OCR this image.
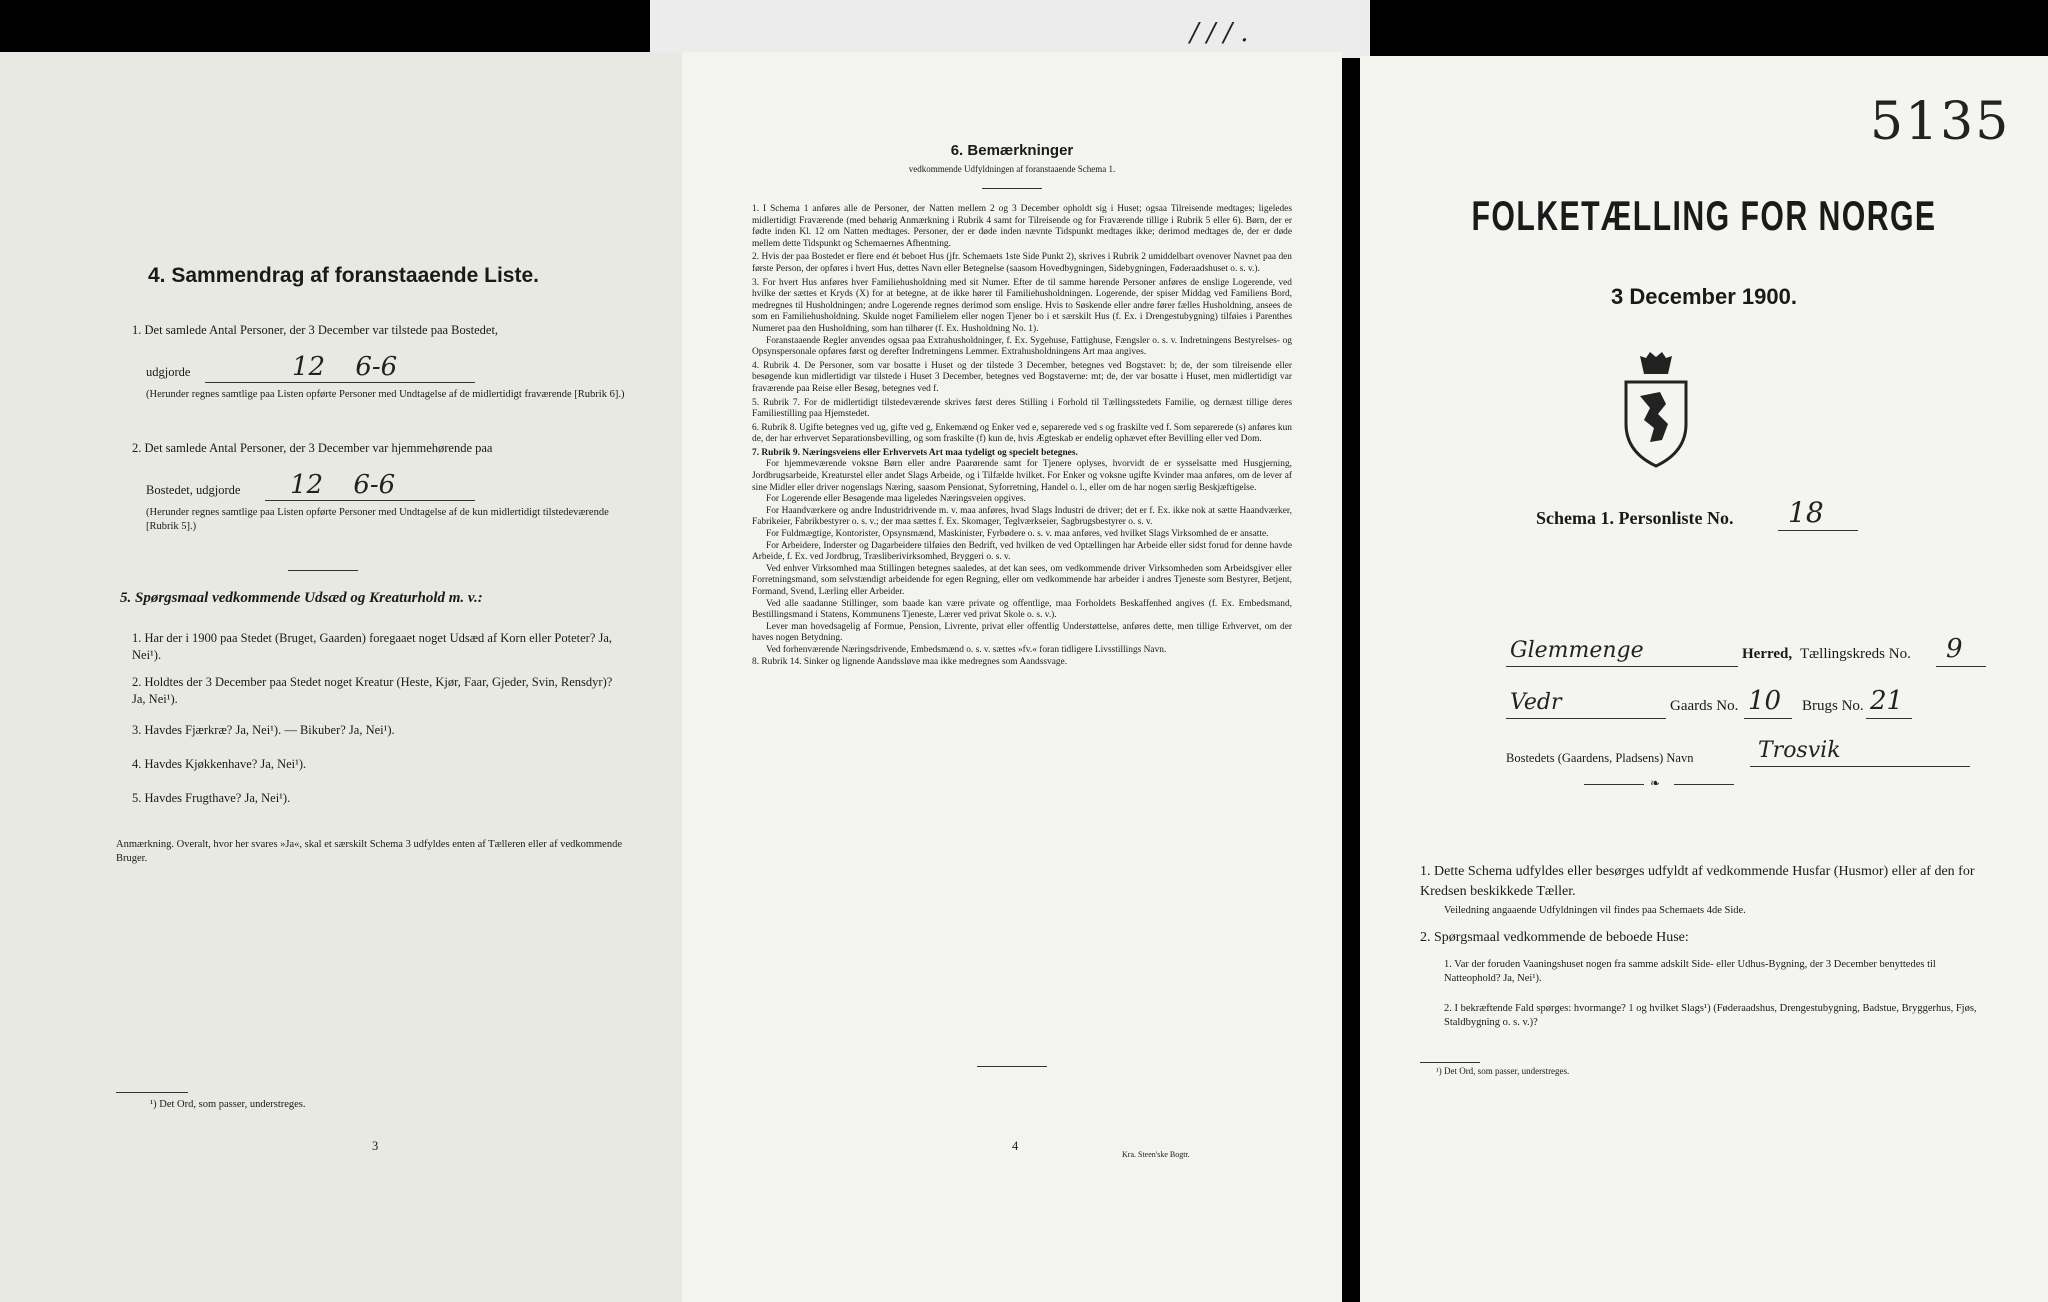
///.
4. Sammendrag af foranstaaende Liste.
1. Det samlede Antal Personer, der 3 December var tilstede paa Bostedet,
udgjorde	12 6-6
(Herunder regnes samtlige paa Listen opførte Personer med Undtagelse af de midlertidigt fraværende [Rubrik 6].)
2. Det samlede Antal Personer, der 3 December var hjemmehørende paa
Bostedet, udgjorde 12 6-6
(Herunder regnes samtlige paa Listen opførte Personer med Undtagelse af de kun midlertidigt tilstedeværende [Rubrik 5].)
5. Spørgsmaal vedkommende Udsæd og Kreaturhold m. v.:
1. Har der i 1900 paa Stedet (Bruget, Gaarden) foregaaet noget Udsæd af Korn eller Poteter? Ja, Nei¹).
2. Holdtes der 3 December paa Stedet noget Kreatur (Heste, Kjør, Faar, Gjeder, Svin, Rensdyr)? Ja, Nei¹).
3. Havdes Fjærkræ? Ja, Nei¹). — Bikuber? Ja, Nei¹).
4. Havdes Kjøkkenhave? Ja, Nei¹).
5. Havdes Frugthave? Ja, Nei¹).
Anmærkning. Overalt, hvor her svares »Ja«, skal et særskilt Schema 3 udfyldes enten af Tælleren eller af vedkommende Bruger.
¹) Det Ord, som passer, understreges.
3
6. Bemærkninger
vedkommende Udfyldningen af foranstaaende Schema 1.
1. I Schema 1 anføres alle de Personer, der Natten mellem 2 og 3 December opholdt sig i Huset; ogsaa Tilreisende medtages; ligeledes midlertidigt Fraværende (med behørig Anmærkning i Rubrik 4 samt for Tilreisende og for Fraværende tillige i Rubrik 5 eller 6). Børn, der er fødte inden Kl. 12 om Natten medtages. Personer, der er døde inden nævnte Tidspunkt medtages ikke; derimod medtages de, der er døde mellem dette Tidspunkt og Schemaernes Afhentning.
2. Hvis der paa Bostedet er flere end ét beboet Hus (jfr. Schemaets 1ste Side Punkt 2), skrives i Rubrik 2 umiddelbart ovenover Navnet paa den første Person, der opføres i hvert Hus, dettes Navn eller Betegnelse (saasom Hovedbygningen, Sidebygningen, Føderaadshuset o. s. v.).
3. For hvert Hus anføres hver Familiehusholdning med sit Numer. Efter de til samme hørende Personer anføres de enslige Logerende, ved hvilke der sættes et Kryds (X) for at betegne, at de ikke hører til Familiehusholdningen. Logerende, der spiser Middag ved Familiens Bord, medregnes til Husholdningen; andre Logerende regnes derimod som enslige. Hvis to Søskende eller andre fører fælles Husholdning, ansees de som en Familiehusholdning. Skulde noget Familielem eller nogen Tjener bo i et særskilt Hus (f. Ex. i Drengestubygning) tilføies i Parenthes Numeret paa den Husholdning, som han tilhører (f. Ex. Husholdning No. 1).
Foranstaaende Regler anvendes ogsaa paa Extrahusholdninger, f. Ex. Sygehuse, Fattighuse, Fængsler o. s. v. Indretningens Bestyrelses- og Opsynspersonale opføres først og derefter Indretningens Lemmer. Extrahusholdningens Art maa angives.
4. Rubrik 4. De Personer, som var bosatte i Huset og der tilstede 3 December, betegnes ved Bogstavet: b; de, der som tilreisende eller besøgende kun midlertidigt var tilstede i Huset 3 December, betegnes ved Bogstaverne: mt; de, der var bosatte i Huset, men midlertidigt var fraværende paa Reise eller Besøg, betegnes ved f.
5. Rubrik 7. For de midlertidigt tilstedeværende skrives først deres Stilling i Forhold til Tællingsstedets Familie, og dernæst tillige deres Familiestilling paa Hjemstedet.
6. Rubrik 8. Ugifte betegnes ved ug, gifte ved g, Enkemænd og Enker ved e, separerede ved s og fraskilte ved f. Som separerede (s) anføres kun de, der har erhvervet Separationsbevilling, og som fraskilte (f) kun de, hvis Ægteskab er endelig ophævet efter Bevilling eller ved Dom.
7. Rubrik 9. Næringsveiens eller Erhvervets Art maa tydeligt og specielt betegnes.
For hjemmeværende voksne Børn eller andre Paarørende samt for Tjenere oplyses, hvorvidt de er sysselsatte med Husgjerning, Jordbrugsarbeide, Kreaturstel eller andet Slags Arbeide, og i Tilfælde hvilket. For Enker og voksne ugifte Kvinder maa anføres, om de lever af sine Midler eller driver nogenslags Næring, saasom Pensionat, Syforretning, Handel o. l., eller om de har nogen særlig Beskjæftigelse.
For Logerende eller Besøgende maa ligeledes Næringsveien opgives.
For Haandværkere og andre Industridrivende m. v. maa anføres, hvad Slags Industri de driver; det er f. Ex. ikke nok at sætte Haandværker, Fabrikeier, Fabrikbestyrer o. s. v.; der maa sættes f. Ex. Skomager, Teglværkseier, Sagbrugsbestyrer o. s. v.
For Fuldmægtige, Kontorister, Opsynsmænd, Maskinister, Fyrbødere o. s. v. maa anføres, ved hvilket Slags Virksomhed de er ansatte.
For Arbeidere, Inderster og Dagarbeidere tilføies den Bedrift, ved hvilken de ved Optællingen har Arbeide eller sidst forud for denne havde Arbeide, f. Ex. ved Jordbrug, Træsliberivirksomhed, Bryggeri o. s. v.
Ved enhver Virksomhed maa Stillingen betegnes saaledes, at det kan sees, om vedkommende driver Virksomheden som Arbeidsgiver eller Forretningsmand, som selvstændigt arbeidende for egen Regning, eller om vedkommende har arbeider i andres Tjeneste som Bestyrer, Betjent, Formand, Svend, Lærling eller Arbeider.
Ved alle saadanne Stillinger, som baade kan være private og offentlige, maa Forholdets Beskaffenhed angives (f. Ex. Embedsmand, Bestillingsmand i Statens, Kommunens Tjeneste, Lærer ved privat Skole o. s. v.).
Lever man hovedsagelig af Formue, Pension, Livrente, privat eller offentlig Understøttelse, anføres dette, men tillige Erhvervet, om der haves nogen Betydning.
Ved forhenværende Næringsdrivende, Embedsmænd o. s. v. sættes »fv.« foran tidligere Livsstillings Navn.
8. Rubrik 14. Sinker og lignende Aandssløve maa ikke medregnes som Aandssvage.
4
Kra. Steen'ske Bogtr.
5135
FOLKETÆLLING FOR NORGE
3 December 1900.
Schema 1. Personliste No. 18
Glemmenge	Herred, Tællingskreds No. 9
Vedr	Gaards No. 10 Brugs No. 21
Bostedets (Gaardens, Pladsens) Navn	Trosvik
❧
1. Dette Schema udfyldes eller besørges udfyldt af vedkommende Husfar (Husmor) eller af den for Kredsen beskikkede Tæller.
Veiledning angaaende Udfyldningen vil findes paa Schemaets 4de Side.
2. Spørgsmaal vedkommende de beboede Huse:
1. Var der foruden Vaaningshuset nogen fra samme adskilt Side- eller Udhus-Bygning, der 3 December benyttedes til Natteophold? Ja, Nei¹).
2. I bekræftende Fald spørges: hvormange? 1 og hvilket Slags¹) (Føderaadshus, Drengestubygning, Badstue, Bryggerhus, Fjøs, Staldbygning o. s. v.)?
¹) Det Ord, som passer, understreges.
